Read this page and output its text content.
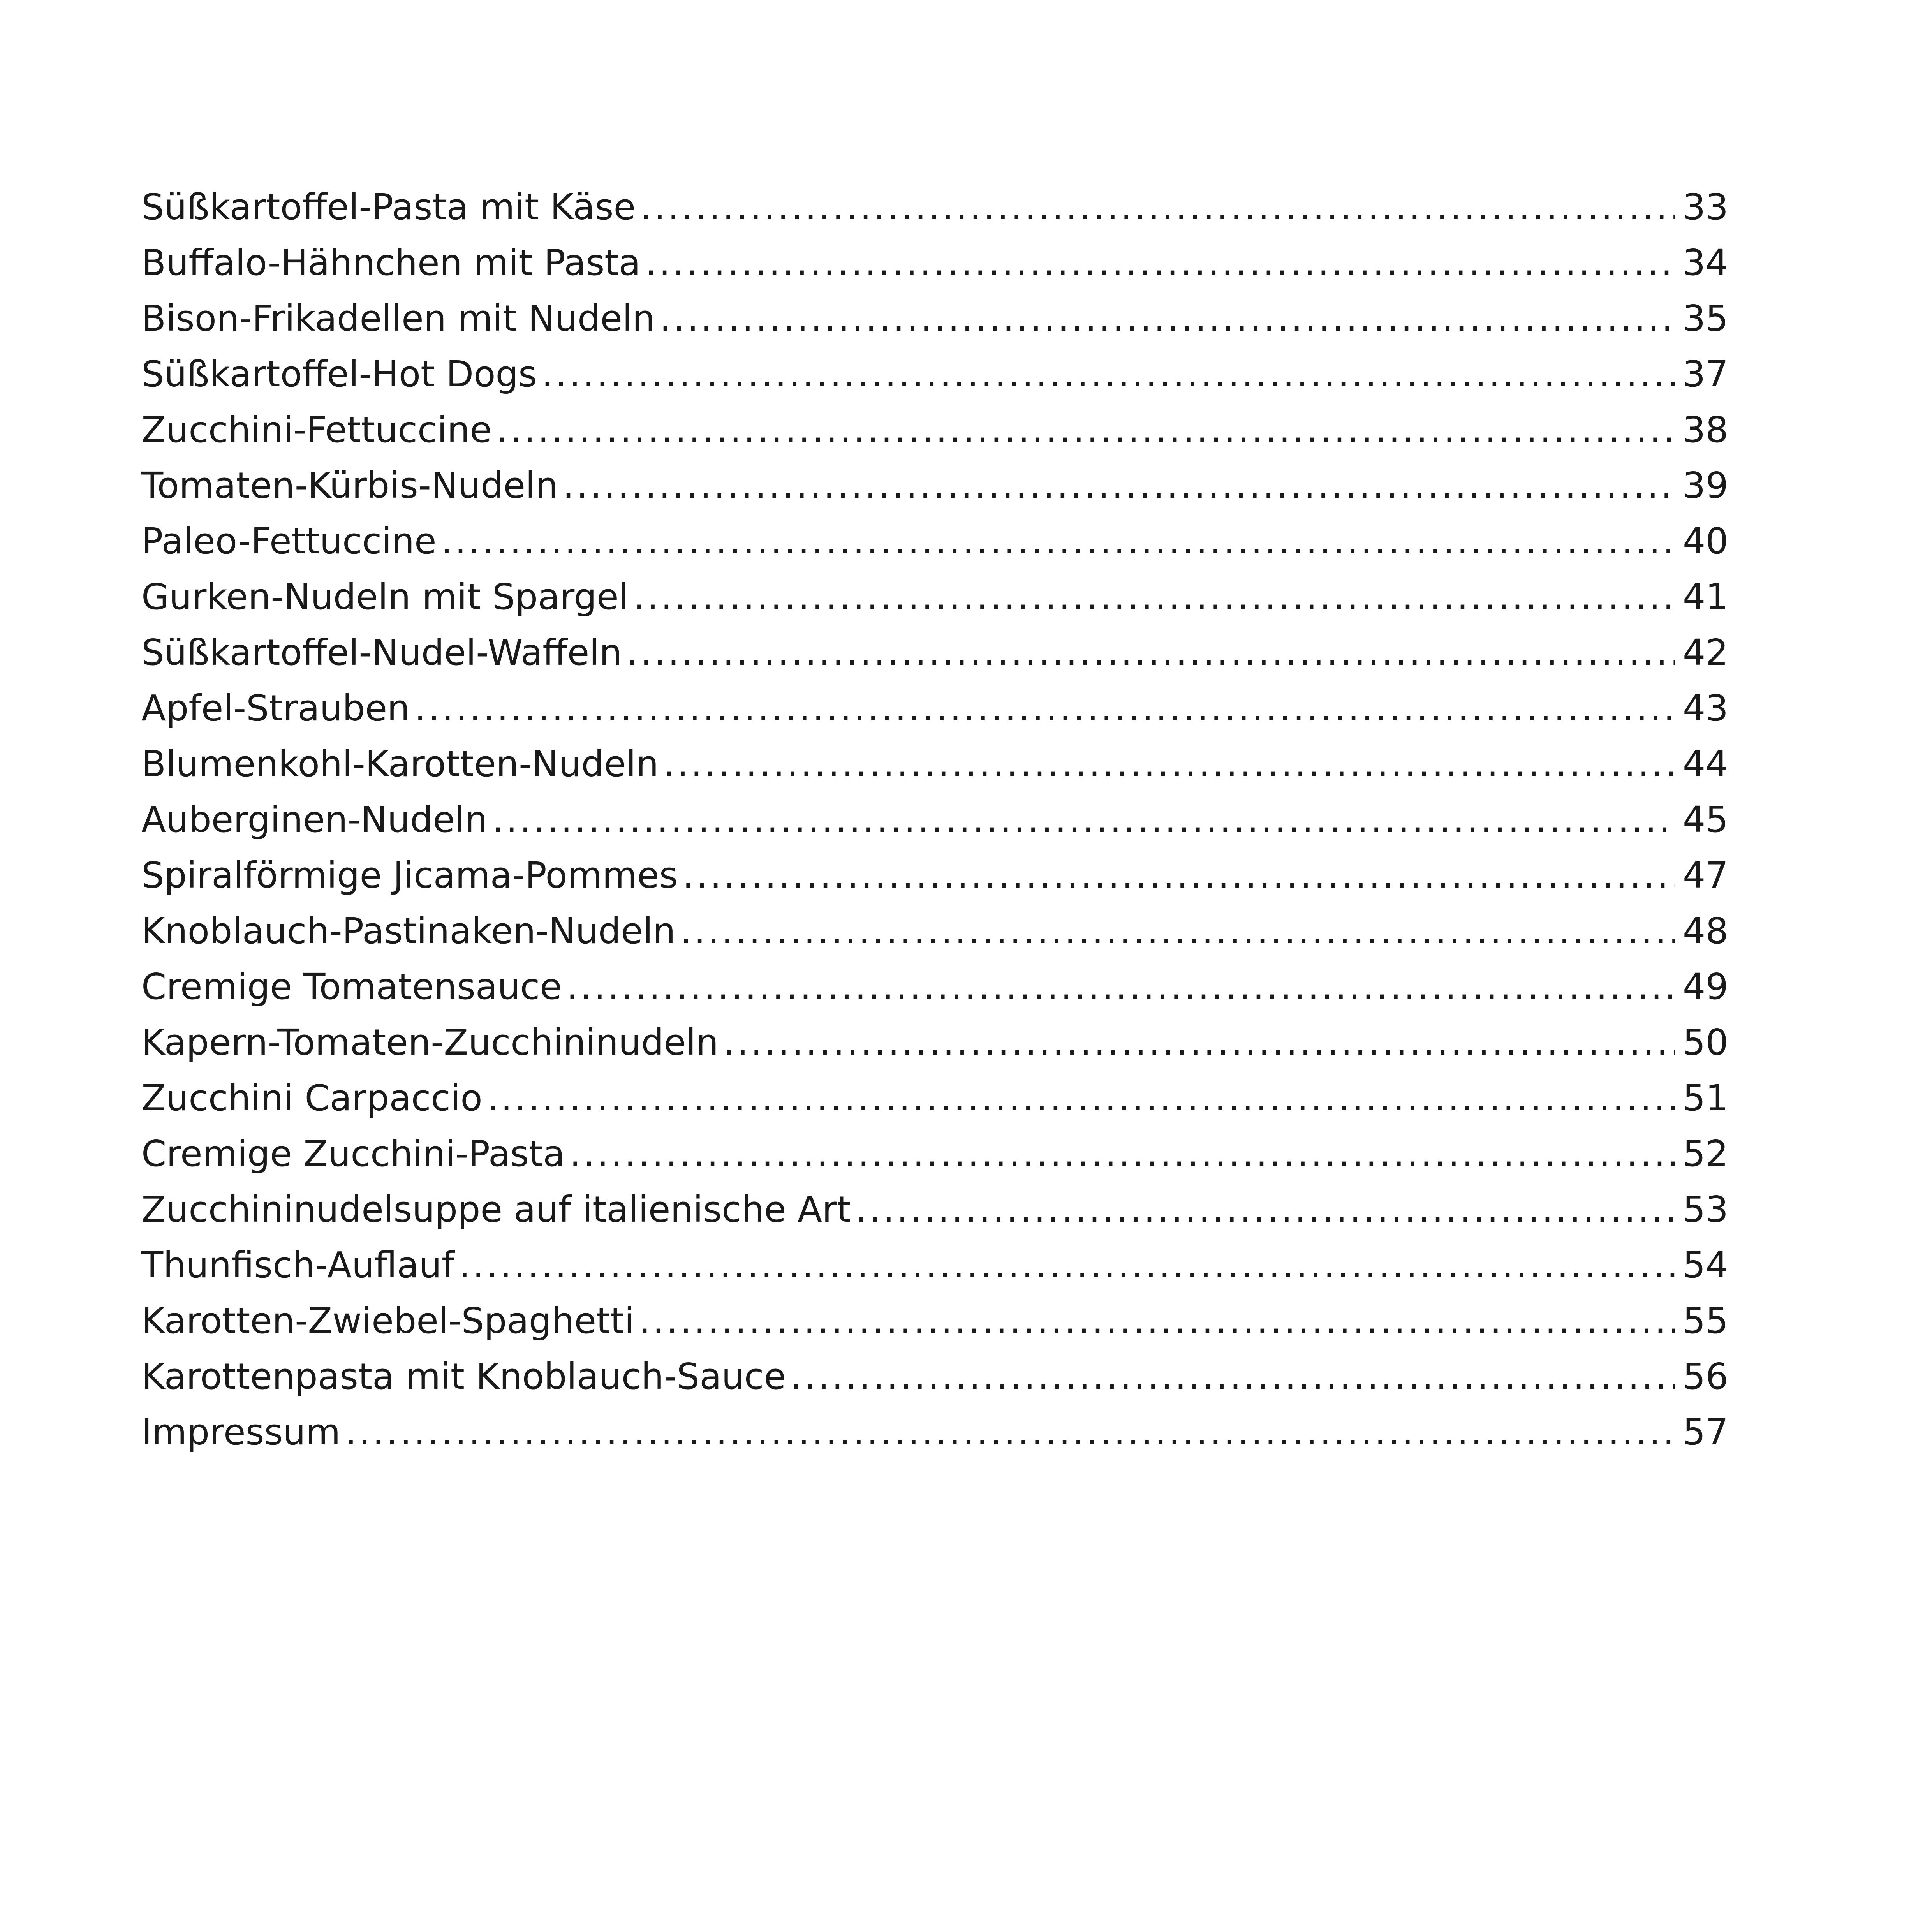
Süßkartoffel-Pasta mit Käse .....	33
Buffalo-Hähnchen mit Pasta .....	34
Bison-Frikadellen mit Nudeln .....	35
Süßkartoffel-Hot Dogs .....	37
Zucchini-Fettuccine .....	38
Tomaten-Kürbis-Nudeln .....	39
Paleo-Fettuccine .....	40
Gurken-Nudeln mit Spargel .....	41
Süßkartoffel-Nudel-Waffeln .....	42
Apfel-Strauben .....	43
Blumenkohl-Karotten-Nudeln .....	44
Auberginen-Nudeln .....	45
Spiralförmige Jicama-Pommes .....	47
Knoblauch-Pastinaken-Nudeln .....	48
Cremige Tomatensauce .....	49
Kapern-Tomaten-Zucchininudeln .....	50
Zucchini Carpaccio .....	51
Cremige Zucchini-Pasta .....	52
Zucchininudelsuppe auf italienische Art .....	53
Thunfisch-Auflauf .....	54
Karotten-Zwiebel-Spaghetti .....	55
Karottenpasta mit Knoblauch-Sauce .....	56
Impressum .....	57
